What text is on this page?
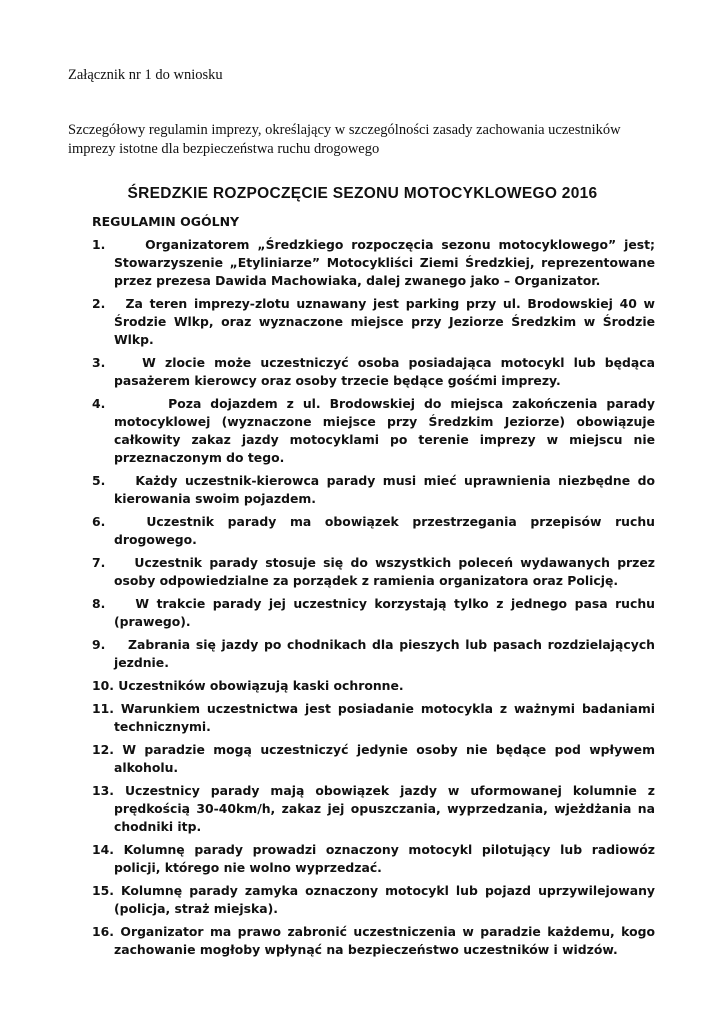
Załącznik nr 1 do wniosku
Szczegółowy regulamin imprezy, określający w szczególności zasady zachowania uczestników imprezy istotne dla bezpieczeństwa ruchu drogowego
ŚREDZKIE ROZPOCZĘCIE SEZONU MOTOCYKLOWEGO 2016
REGULAMIN OGÓLNY
1.	Organizatorem „Średzkiego rozpoczęcia sezonu motocyklowego” jest; Stowarzyszenie „Etyliniarze” Motocykliści Ziemi Średzkiej, reprezentowane przez prezesa Dawida Machowiaka, dalej zwanego jako – Organizator.
2. Za teren imprezy-zlotu uznawany jest parking przy ul. Brodowskiej 40 w Środzie Wlkp, oraz wyznaczone miejsce przy Jeziorze Średzkim w Środzie Wlkp.
3.	W zlocie może uczestniczyć osoba posiadająca motocykl lub będąca pasażerem kierowcy oraz osoby trzecie będące gośćmi imprezy.
4.	Poza dojazdem z ul. Brodowskiej do miejsca zakończenia parady motocyklowej (wyznaczone miejsce przy Średzkim Jeziorze) obowiązuje całkowity zakaz jazdy motocyklami po terenie imprezy w miejscu nie przeznaczonym do tego.
5. Każdy uczestnik-kierowca parady musi mieć uprawnienia niezbędne do kierowania swoim pojazdem.
6.	Uczestnik parady ma obowiązek przestrzegania przepisów ruchu drogowego.
7. Uczestnik parady stosuje się do wszystkich poleceń wydawanych przez osoby odpowiedzialne za porządek z ramienia organizatora oraz Policję.
8. W trakcie parady jej uczestnicy korzystają tylko z jednego pasa ruchu (prawego).
9. Zabrania się jazdy po chodnikach dla pieszych lub pasach rozdzielających jezdnie.
10. Uczestników obowiązują kaski ochronne.
11. Warunkiem uczestnictwa jest posiadanie motocykla z ważnymi badaniami technicznymi.
12. W paradzie mogą uczestniczyć jedynie osoby nie będące pod wpływem alkoholu.
13. Uczestnicy parady mają obowiązek jazdy w uformowanej kolumnie z prędkością 30-40km/h, zakaz jej opuszczania, wyprzedzania, wjeżdżania na chodniki itp.
14. Kolumnę parady prowadzi oznaczony motocykl pilotujący lub radiowóz policji, którego nie wolno wyprzedzać.
15. Kolumnę parady zamyka oznaczony motocykl lub pojazd uprzywilejowany (policja, straż miejska).
16. Organizator ma prawo zabronić uczestniczenia w paradzie każdemu, kogo zachowanie mogłoby wpłynąć na bezpieczeństwo uczestników i widzów.
